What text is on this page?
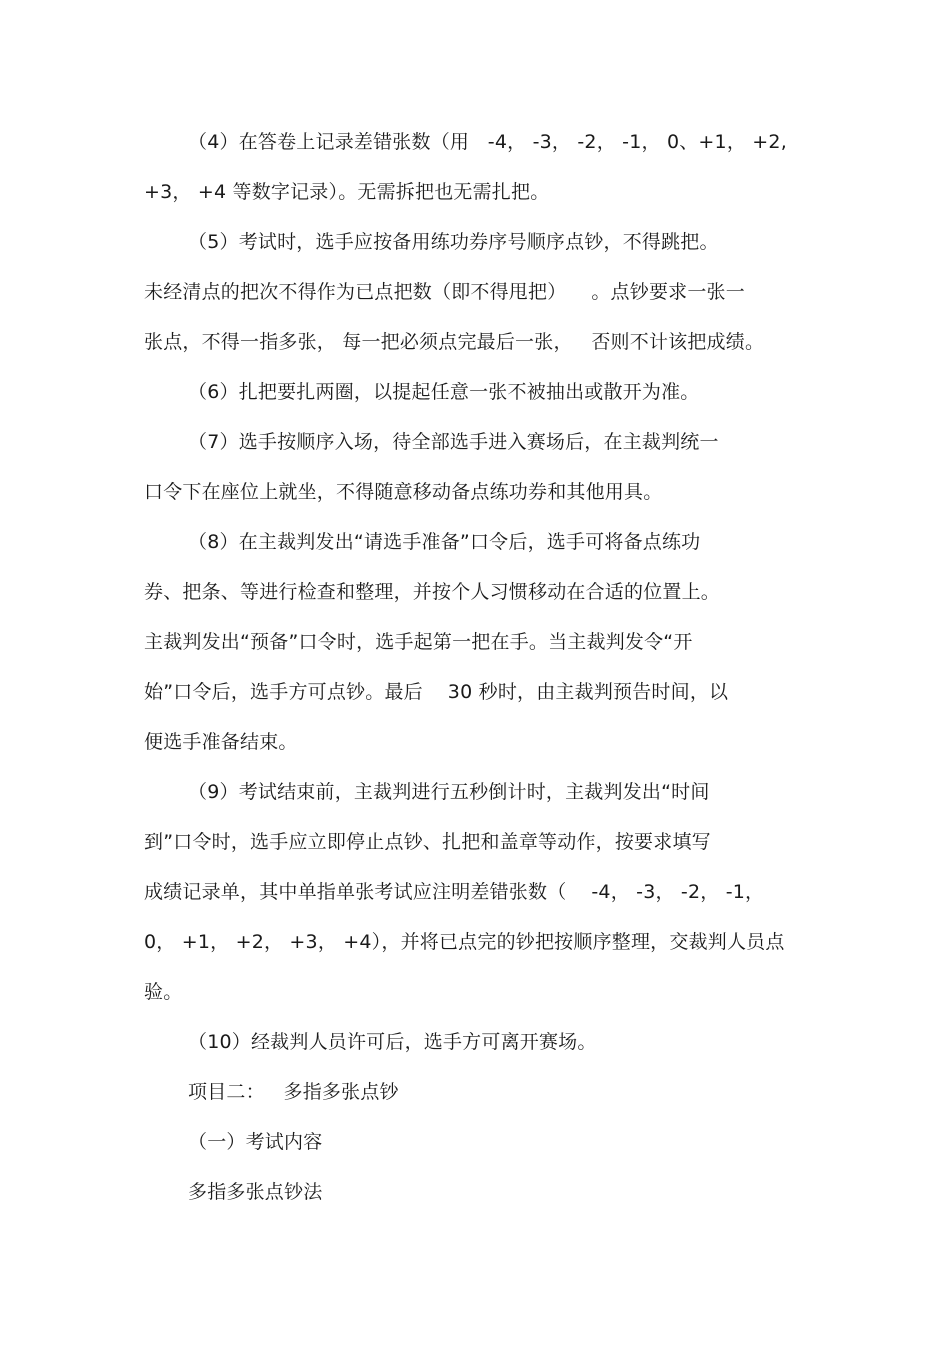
（4）在答卷上记录差错张数（用   -4， -3， -2， -1， 0、+1， +2,
+3， +4 等数字记录）。无需拆把也无需扎把。
（5）考试时，选手应按备用练功券序号顺序点钞，不得跳把。
未经清点的把次不得作为已点把数（即不得甩把）    。点钞要求一张一
张点，不得一指多张， 每一把必须点完最后一张，   否则不计该把成绩。
（6）扎把要扎两圈，以提起任意一张不被抽出或散开为准。
（7）选手按顺序入场，待全部选手进入赛场后，在主裁判统一
口令下在座位上就坐，不得随意移动备点练功券和其他用具。
（8）在主裁判发出“请选手准备”口令后，选手可将备点练功
券、把条、等进行检查和整理，并按个人习惯移动在合适的位置上。
主裁判发出“预备”口令时，选手起第一把在手。当主裁判发令“开
始”口令后，选手方可点钞。最后    30 秒时，由主裁判预告时间，以
便选手准备结束。
（9）考试结束前，主裁判进行五秒倒计时，主裁判发出“时间
到”口令时，选手应立即停止点钞、扎把和盖章等动作，按要求填写
成绩记录单，其中单指单张考试应注明差错张数（    -4， -3， -2， -1，
0， +1， +2， +3， +4），并将已点完的钞把按顺序整理，交裁判人员点
验。
（10）经裁判人员许可后，选手方可离开赛场。
项目二：   多指多张点钞
（一）考试内容
多指多张点钞法
